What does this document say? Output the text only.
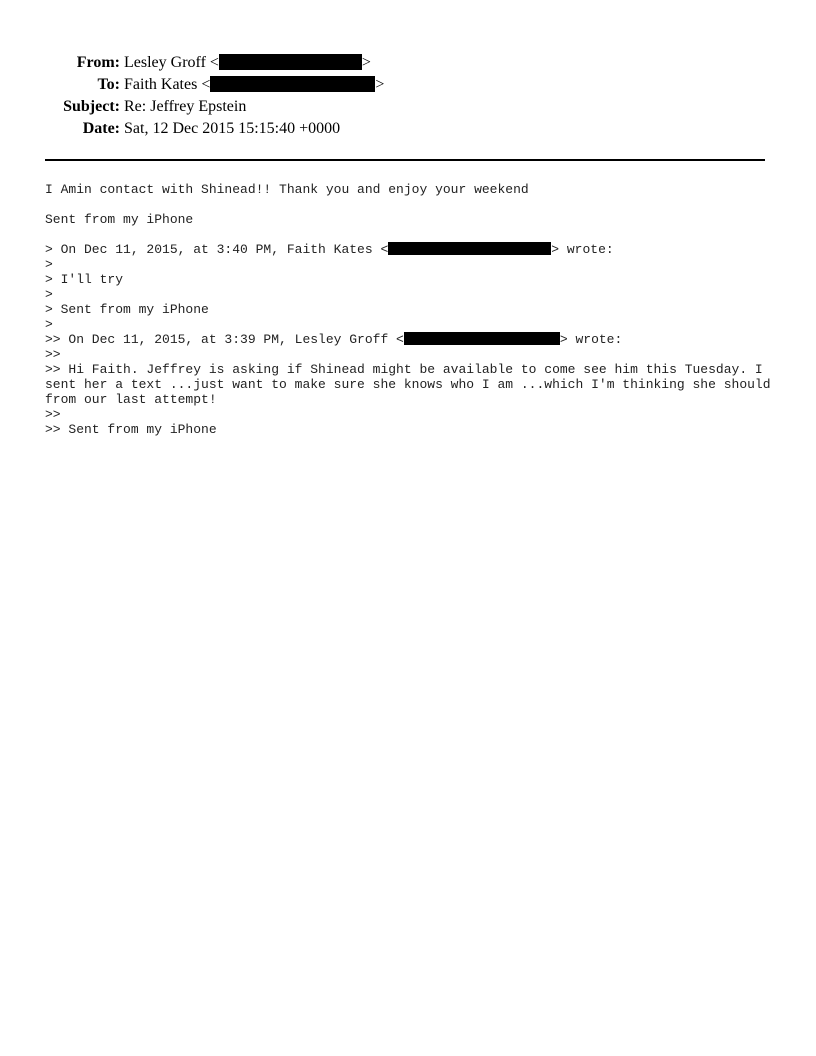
From: Lesley Groff <	>
To: Faith Kates <	>
Subject: Re: Jeffrey Epstein
Date: Sat, 12 Dec 2015 15:15:40 +0000
I Amin contact with Shinead!! Thank you and enjoy your weekend
Sent from my iPhone
> On Dec 11, 2015, at 3:40 PM, Faith Kates <	> wrote:
>
> I'll try
>
> Sent from my iPhone
>
>> On Dec 11, 2015, at 3:39 PM, Lesley Groff <	> wrote:
>>
>> Hi Faith. Jeffrey is asking if Shinead might be available to come see him this Tuesday. I sent her a text ...just want to make sure she knows who I am ...which I'm thinking she should from our last attempt!
>>
>> Sent from my iPhone
